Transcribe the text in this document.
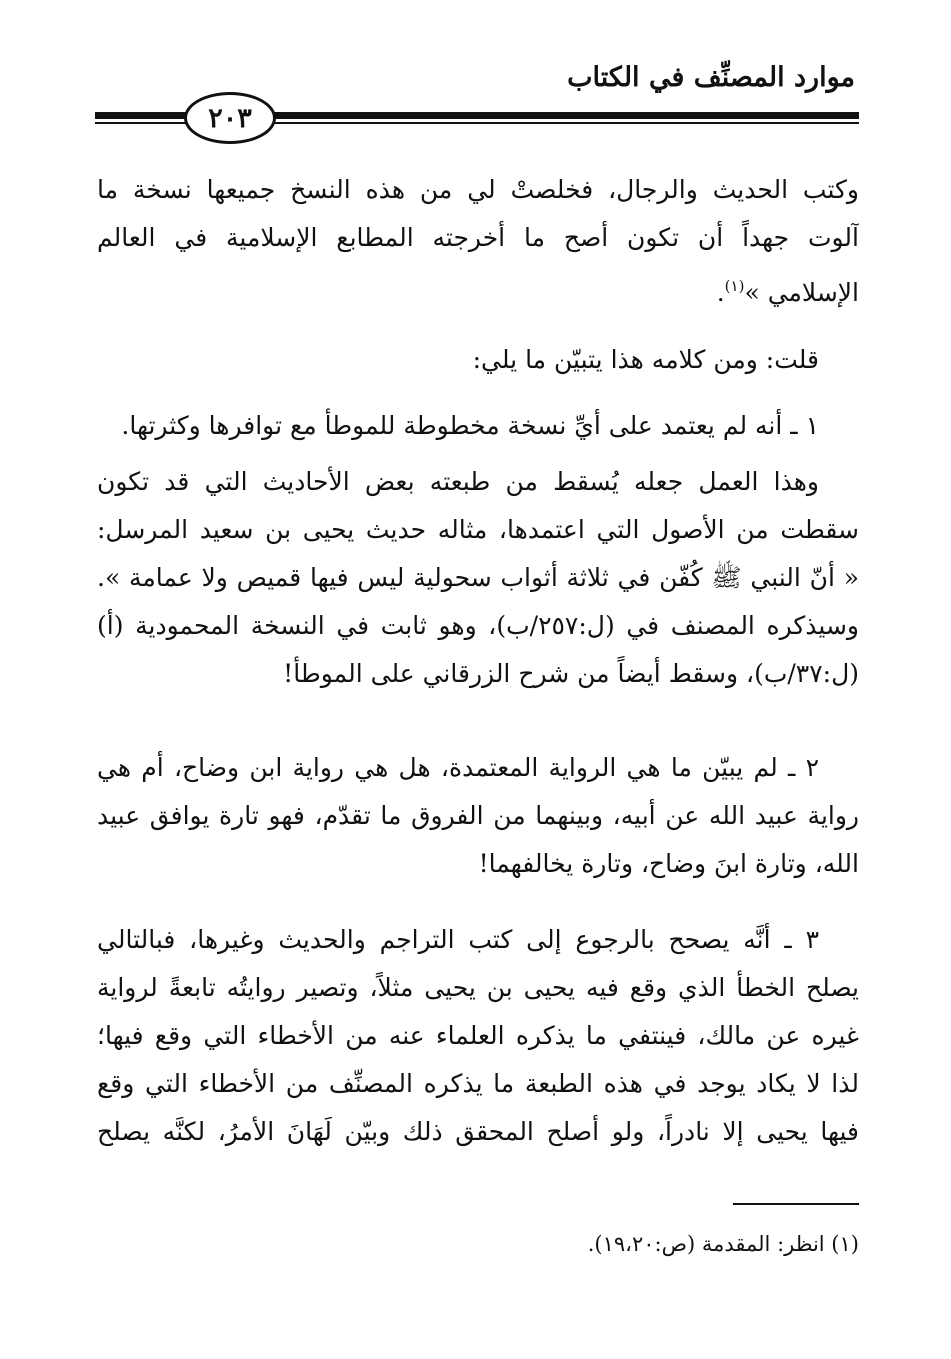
موارد المصنِّف في الكتاب
٢٠٣
وكتب الحديث والرجال، فخلصتْ لي من هذه النسخ جميعها نسخة ما
آلوت جهداً أن تكون أصح ما أخرجته المطابع الإسلامية في العالم
الإسلامي »$^{(١)}$.
قلت: ومن كلامه هذا يتبيّن ما يلي:
١ ـ أنه لم يعتمد على أيِّ نسخة مخطوطة للموطأ مع توافرها وكثرتها.
وهذا العمل جعله يُسقط من طبعته بعض الأحاديث التي قد تكون
سقطت من الأصول التي اعتمدها، مثاله حديث يحيى بن سعيد المرسل:
« أنّ النبي ﷺ كُفّن في ثلاثة أثواب سحولية ليس فيها قميص ولا عمامة ».
وسيذكره المصنف في (ل:٢٥٧/ب)، وهو ثابت في النسخة المحمودية (أ)
(ل:٣٧/ب)، وسقط أيضاً من شرح الزرقاني على الموطأ!
٢ ـ لم يبيّن ما هي الرواية المعتمدة، هل هي رواية ابن وضاح، أم هي
رواية عبيد الله عن أبيه، وبينهما من الفروق ما تقدّم، فهو تارة يوافق عبيد
الله، وتارة ابنَ وضاح، وتارة يخالفهما!
٣ ـ أنَّه يصحح بالرجوع إلى كتب التراجم والحديث وغيرها، فبالتالي
يصلح الخطأ الذي وقع فيه يحيى بن يحيى مثلاً، وتصير روايتُه تابعةً لرواية
غيره عن مالك، فينتفي ما يذكره العلماء عنه من الأخطاء التي وقع فيها؛
لذا لا يكاد يوجد في هذه الطبعة ما يذكره المصنِّف من الأخطاء التي وقع
فيها يحيى إلا نادراً، ولو أصلح المحقق ذلك وبيّن لَهَانَ الأمرُ، لكنَّه يصلح
(١) انظر: المقدمة (ص:١٩،٢٠).
